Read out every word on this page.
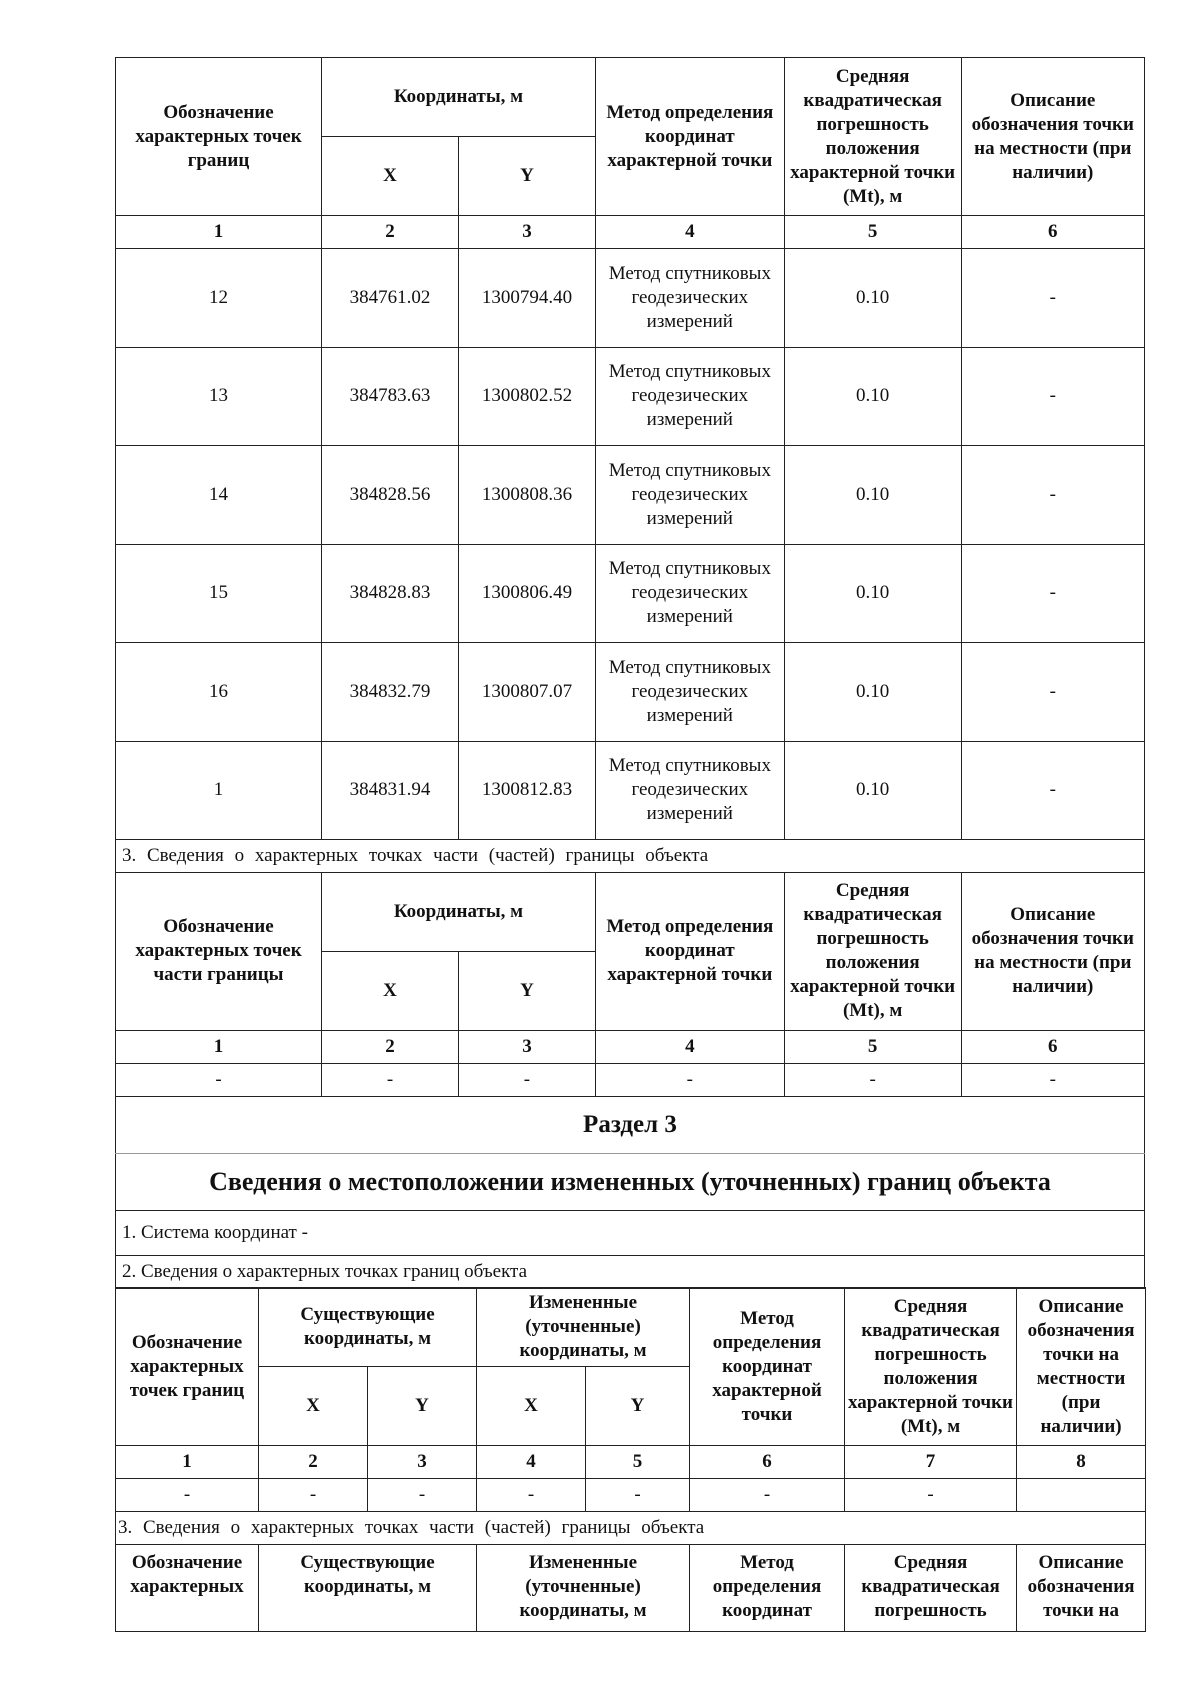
Обозначение характерных точек границ	Координаты, м		Метод определения координат характерной точки	Средняя квадратическая погрешность положения характерной точки (Mt), м	Описание обозначения точки на местности (при наличии)
	X	Y			
1	2	3	4	5	6
12	384761.02	1300794.40	Метод спутниковых геодезических измерений	0.10	-
13	384783.63	1300802.52	Метод спутниковых геодезических измерений	0.10	-
14	384828.56	1300808.36	Метод спутниковых геодезических измерений	0.10	-
15	384828.83	1300806.49	Метод спутниковых геодезических измерений	0.10	-
16	384832.79	1300807.07	Метод спутниковых геодезических измерений	0.10	-
1	384831.94	1300812.83	Метод спутниковых геодезических измерений	0.10	-
3. Сведения о характерных точках части (частей) границы объекта					
Обозначение характерных точек части границы	Координаты, м		Метод определения координат характерной точки	Средняя квадратическая погрешность положения характерной точки (Mt), м	Описание обозначения точки на местности (при наличии)
	X	Y			
1	2	3	4	5	6
-	-	-	-	-	-
Раздел 3					
Сведения о местоположении измененных (уточненных) границ объекта					
1. Система координат -					
2. Сведения о характерных точках границ объекта					
Обозначение характерных точек границ	Существующие координаты, м		Измененные (уточненные) координаты, м		Метод определения координат характерной точки	Средняя квадратическая погрешность положения характерной точки (Mt), м	Описание обозначения точки на местности (при наличии)
	X	Y	X	Y			
1	2	3	4	5	6	7	8
-	-	-	-	-	-	-	
3. Сведения о характерных точках части (частей) границы объекта							
Обозначение характерных	Существующие координаты, м		Измененные (уточненные) координаты, м		Метод определения координат	Средняя квадратическая погрешность	Описание обозначения точки на
